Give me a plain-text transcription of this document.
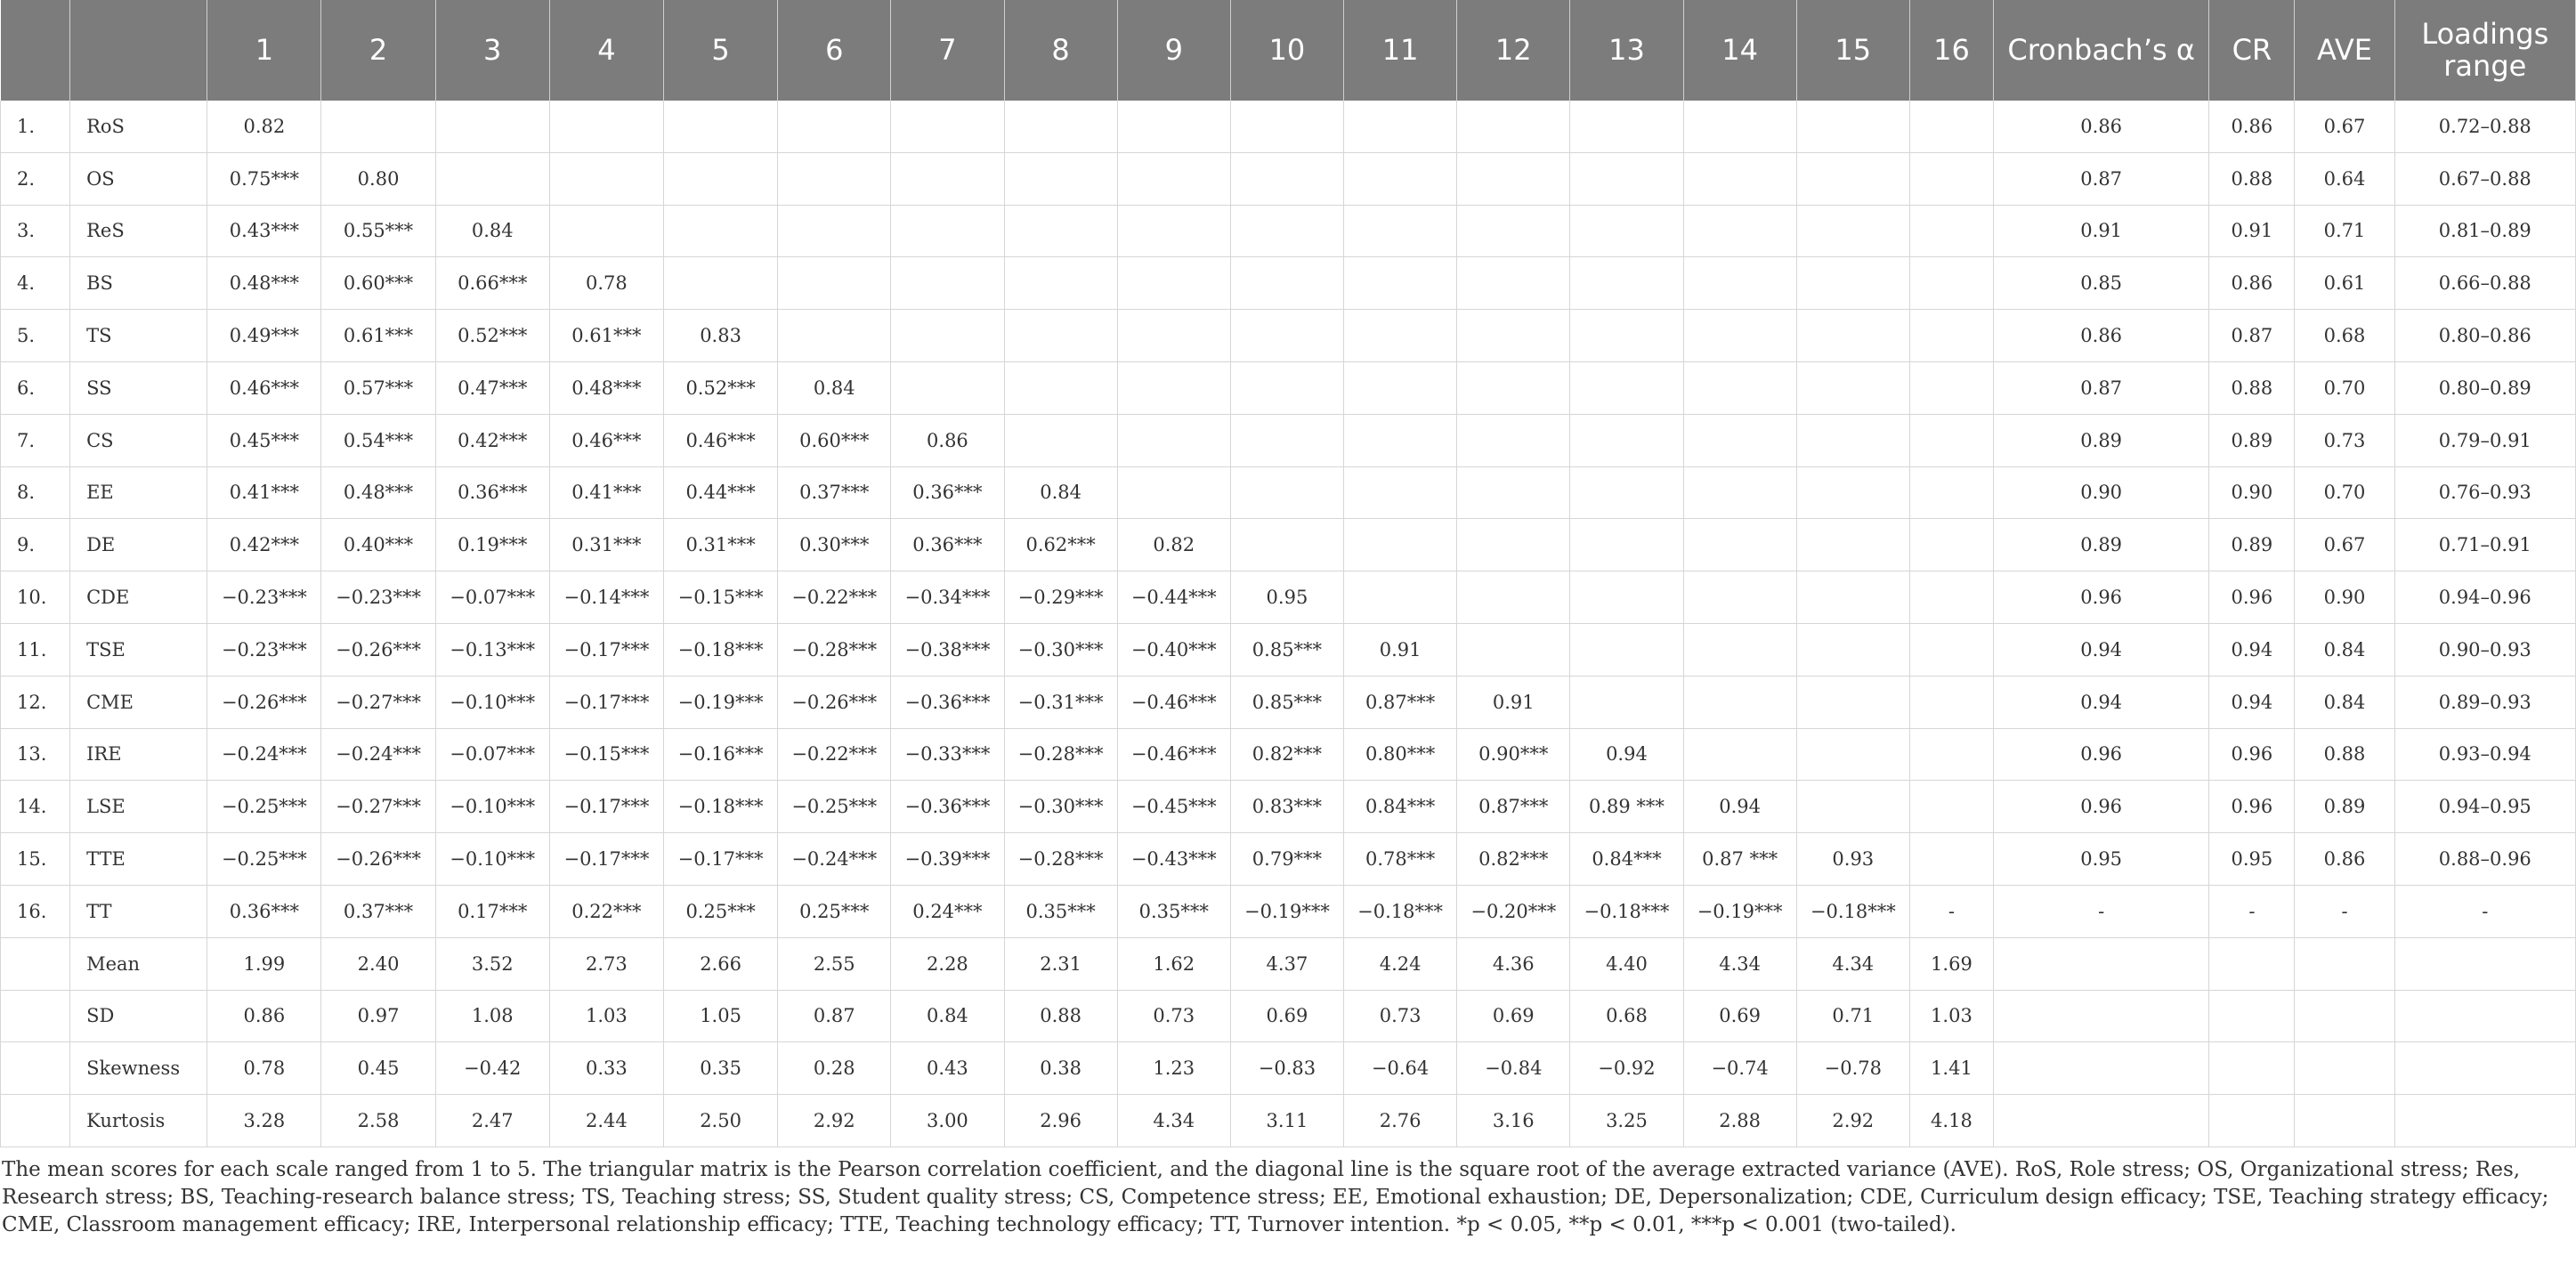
		1	2	3	4	5	6	7	8	9	10	11	12	13	14	15	16	Cronbach’s α	CR	AVE	Loadings range
1.	RoS	0.82																0.86	0.86	0.67	0.72–0.88
2.	OS	0.75***	0.80															0.87	0.88	0.64	0.67–0.88
3.	ReS	0.43***	0.55***	0.84														0.91	0.91	0.71	0.81–0.89
4.	BS	0.48***	0.60***	0.66***	0.78													0.85	0.86	0.61	0.66–0.88
5.	TS	0.49***	0.61***	0.52***	0.61***	0.83												0.86	0.87	0.68	0.80–0.86
6.	SS	0.46***	0.57***	0.47***	0.48***	0.52***	0.84											0.87	0.88	0.70	0.80–0.89
7.	CS	0.45***	0.54***	0.42***	0.46***	0.46***	0.60***	0.86										0.89	0.89	0.73	0.79–0.91
8.	EE	0.41***	0.48***	0.36***	0.41***	0.44***	0.37***	0.36***	0.84									0.90	0.90	0.70	0.76–0.93
9.	DE	0.42***	0.40***	0.19***	0.31***	0.31***	0.30***	0.36***	0.62***	0.82								0.89	0.89	0.67	0.71–0.91
10.	CDE	−0.23***	−0.23***	−0.07***	−0.14***	−0.15***	−0.22***	−0.34***	−0.29***	−0.44***	0.95							0.96	0.96	0.90	0.94–0.96
11.	TSE	−0.23***	−0.26***	−0.13***	−0.17***	−0.18***	−0.28***	−0.38***	−0.30***	−0.40***	0.85***	0.91						0.94	0.94	0.84	0.90–0.93
12.	CME	−0.26***	−0.27***	−0.10***	−0.17***	−0.19***	−0.26***	−0.36***	−0.31***	−0.46***	0.85***	0.87***	0.91					0.94	0.94	0.84	0.89–0.93
13.	IRE	−0.24***	−0.24***	−0.07***	−0.15***	−0.16***	−0.22***	−0.33***	−0.28***	−0.46***	0.82***	0.80***	0.90***	0.94				0.96	0.96	0.88	0.93–0.94
14.	LSE	−0.25***	−0.27***	−0.10***	−0.17***	−0.18***	−0.25***	−0.36***	−0.30***	−0.45***	0.83***	0.84***	0.87***	0.89 ***	0.94			0.96	0.96	0.89	0.94–0.95
15.	TTE	−0.25***	−0.26***	−0.10***	−0.17***	−0.17***	−0.24***	−0.39***	−0.28***	−0.43***	0.79***	0.78***	0.82***	0.84***	0.87 ***	0.93		0.95	0.95	0.86	0.88–0.96
16.	TT	0.36***	0.37***	0.17***	0.22***	0.25***	0.25***	0.24***	0.35***	0.35***	−0.19***	−0.18***	−0.20***	−0.18***	−0.19***	−0.18***	-	-	-	-	-
	Mean	1.99	2.40	3.52	2.73	2.66	2.55	2.28	2.31	1.62	4.37	4.24	4.36	4.40	4.34	4.34	1.69				
	SD	0.86	0.97	1.08	1.03	1.05	0.87	0.84	0.88	0.73	0.69	0.73	0.69	0.68	0.69	0.71	1.03				
	Skewness	0.78	0.45	−0.42	0.33	0.35	0.28	0.43	0.38	1.23	−0.83	−0.64	−0.84	−0.92	−0.74	−0.78	1.41				
	Kurtosis	3.28	2.58	2.47	2.44	2.50	2.92	3.00	2.96	4.34	3.11	2.76	3.16	3.25	2.88	2.92	4.18				

The mean scores for each scale ranged from 1 to 5. The triangular matrix is the Pearson correlation coefficient, and the diagonal line is the square root of the average extracted variance (AVE). RoS, Role stress; OS, Organizational stress; Res, Research stress; BS, Teaching-research balance stress; TS, Teaching stress; SS, Student quality stress; CS, Competence stress; EE, Emotional exhaustion; DE, Depersonalization; CDE, Curriculum design efficacy; TSE, Teaching strategy efficacy; CME, Classroom management efficacy; IRE, Interpersonal relationship efficacy; TTE, Teaching technology efficacy; TT, Turnover intention. *p < 0.05, **p < 0.01, ***p < 0.001 (two-tailed).
